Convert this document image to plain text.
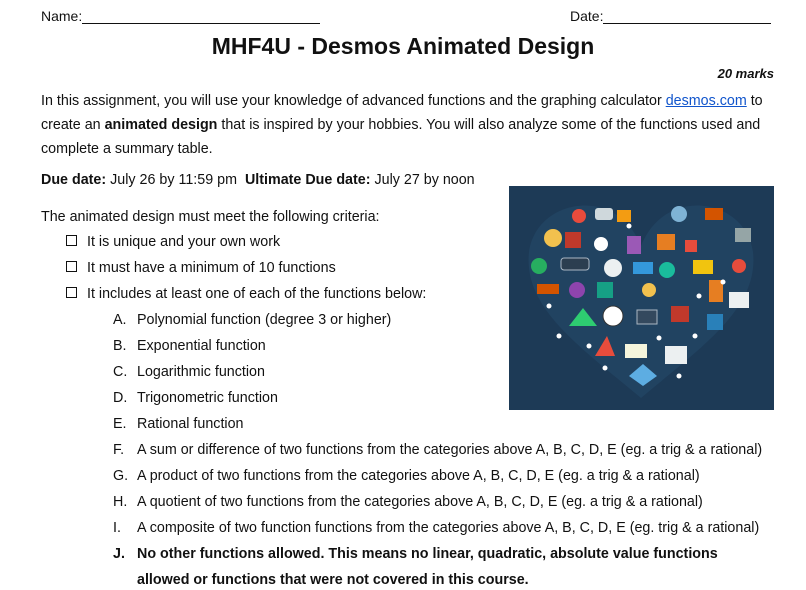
Name:	Date:
MHF4U - Desmos Animated Design
20 marks
In this assignment, you will use your knowledge of advanced functions and the graphing calculator desmos.com to create an animated design that is inspired by your hobbies. You will also analyze some of the functions used and complete a summary table.
Due date: July 26 by 11:59 pm Ultimate Due date: July 27 by noon
The animated design must meet the following criteria:
It is unique and your own work
It must have a minimum of 10 functions
It includes at least one of each of the functions below:
A. Polynomial function (degree 3 or higher)
B. Exponential function
C. Logarithmic function
D. Trigonometric function
E. Rational function
F. A sum or difference of two functions from the categories above A, B, C, D, E (eg. a trig & a rational)
G. A product of two functions from the categories above A, B, C, D, E (eg. a trig & a rational)
H. A quotient of two functions from the categories above A, B, C, D, E (eg. a trig & a rational)
I. A composite of two function functions from the categories above A, B, C, D, E (eg. trig & a rational)
J. No other functions allowed. This means no linear, quadratic, absolute value functions
allowed or functions that were not covered in this course.
